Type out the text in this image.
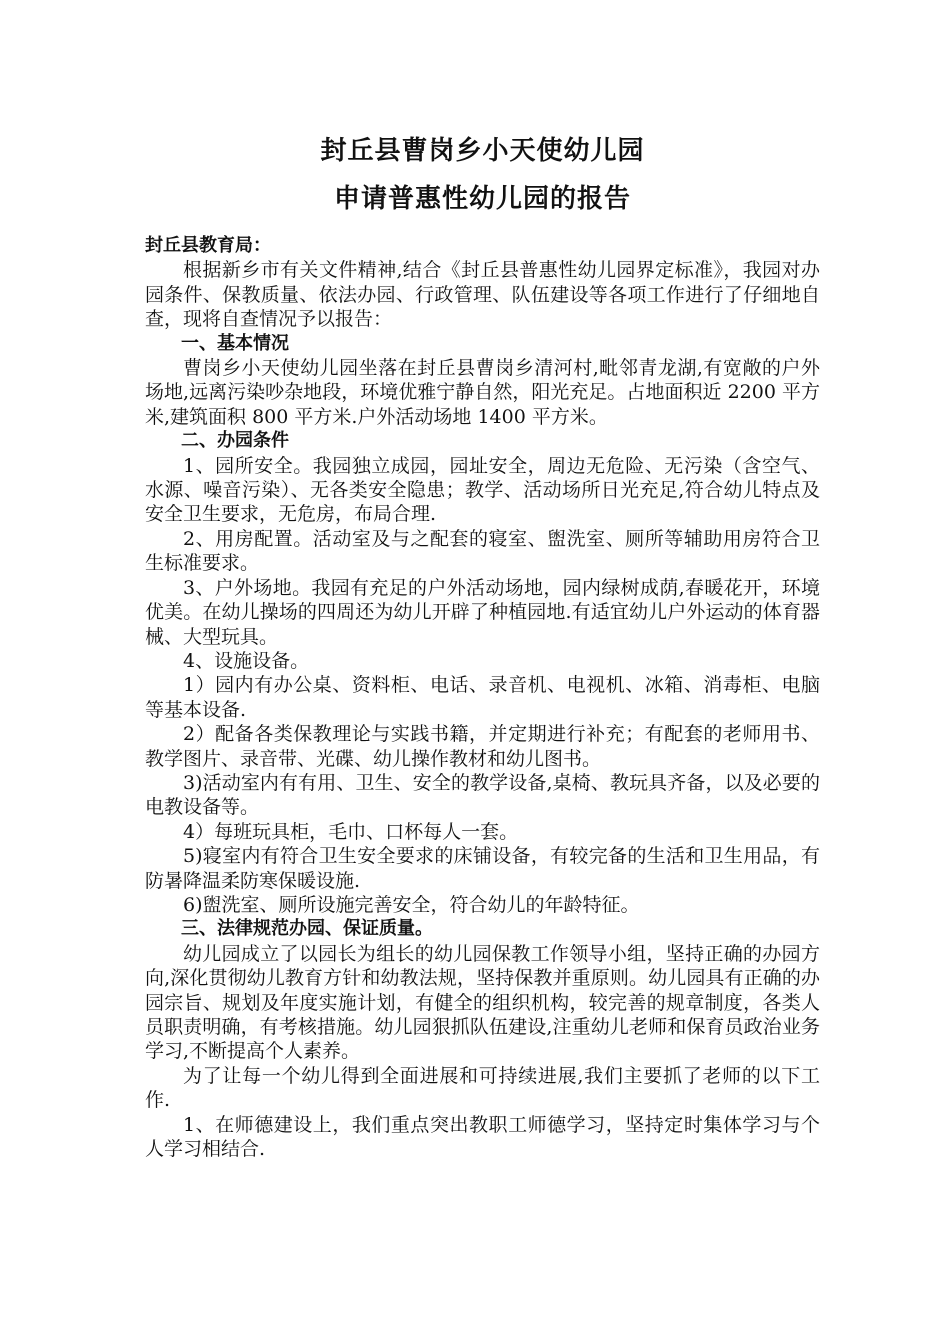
封丘县曹岗乡小天使幼儿园
申请普惠性幼儿园的报告

封丘县教育局：

根据新乡市有关文件精神,结合《封丘县普惠性幼儿园界定标准》，我园对办园条件、保教质量、依法办园、行政管理、队伍建设等各项工作进行了仔细地自查，现将自查情况予以报告：

一、基本情况

曹岗乡小天使幼儿园坐落在封丘县曹岗乡清河村,毗邻青龙湖,有宽敞的户外场地,远离污染吵杂地段，环境优雅宁静自然，阳光充足。占地面积近 2200 平方米,建筑面积 800 平方米.户外活动场地 1400 平方米。

二、办园条件

1、园所安全。我园独立成园，园址安全，周边无危险、无污染（含空气、水源、噪音污染）、无各类安全隐患；教学、活动场所日光充足,符合幼儿特点及安全卫生要求，无危房，布局合理.

2、用房配置。活动室及与之配套的寝室、盥洗室、厕所等辅助用房符合卫生标准要求。

3、户外场地。我园有充足的户外活动场地，园内绿树成荫,春暖花开，环境优美。在幼儿操场的四周还为幼儿开辟了种植园地.有适宜幼儿户外运动的体育器械、大型玩具。

4、设施设备。

1）园内有办公桌、资料柜、电话、录音机、电视机、冰箱、消毒柜、电脑等基本设备.

2）配备各类保教理论与实践书籍，并定期进行补充；有配套的老师用书、教学图片、录音带、光碟、幼儿操作教材和幼儿图书。

3)活动室内有有用、卫生、安全的教学设备,桌椅、教玩具齐备，以及必要的电教设备等。

4）每班玩具柜，毛巾、口杯每人一套。

5)寝室内有符合卫生安全要求的床铺设备，有较完备的生活和卫生用品，有防暑降温柔防寒保暖设施.

6)盥洗室、厕所设施完善安全，符合幼儿的年龄特征。

三、法律规范办园、保证质量。

幼儿园成立了以园长为组长的幼儿园保教工作领导小组，坚持正确的办园方向,深化贯彻幼儿教育方针和幼教法规，坚持保教并重原则。幼儿园具有正确的办园宗旨、规划及年度实施计划，有健全的组织机构，较完善的规章制度，各类人员职责明确，有考核措施。幼儿园狠抓队伍建设,注重幼儿老师和保育员政治业务学习,不断提高个人素养。

为了让每一个幼儿得到全面进展和可持续进展,我们主要抓了老师的以下工作.

1、在师德建设上，我们重点突出教职工师德学习，坚持定时集体学习与个人学习相结合.
